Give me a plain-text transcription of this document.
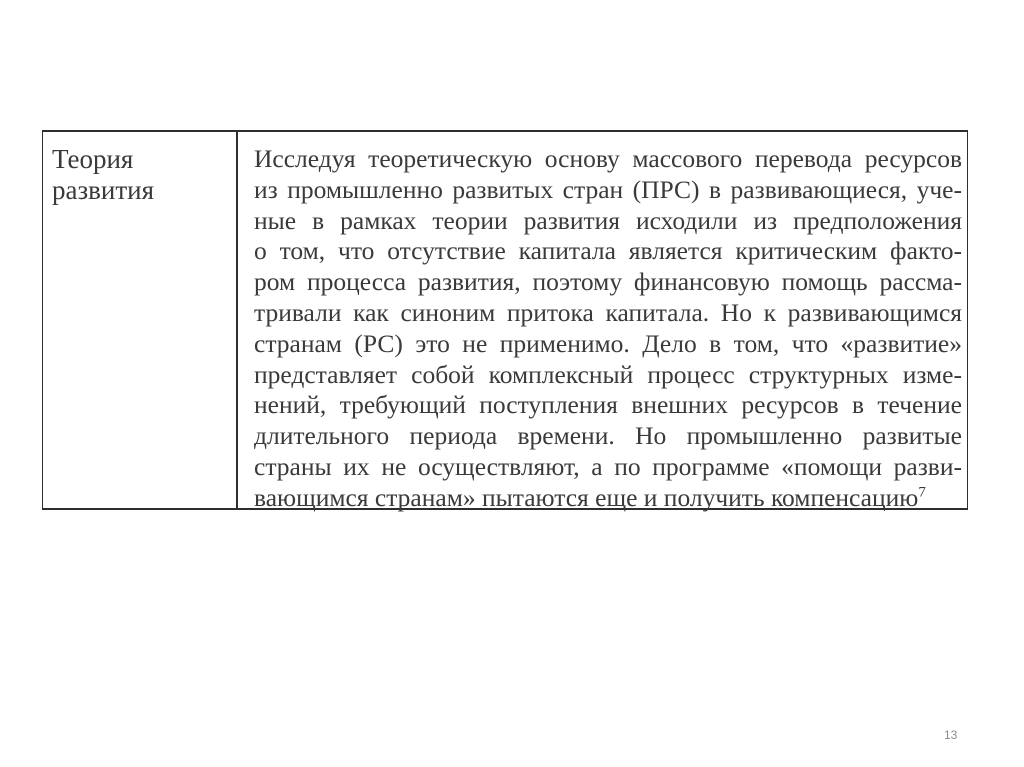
Теория
развития
Исследуя теоретическую основу массового перевода ресурсов
из промышленно развитых стран (ПРС) в развивающиеся, уче-
ные в рамках теории развития исходили из предположения
о том, что отсутствие капитала является критическим факто-
ром процесса развития, поэтому финансовую помощь рассма-
тривали как синоним притока капитала. Но к развивающимся
странам (РС) это не применимо. Дело в том, что «развитие»
представляет собой комплексный процесс структурных изме-
нений, требующий поступления внешних ресурсов в течение
длительного периода времени. Но промышленно развитые
страны их не осуществляют, а по программе «помощи разви-
вающимся странам» пытаются еще и получить компенсацию$^7$
13
